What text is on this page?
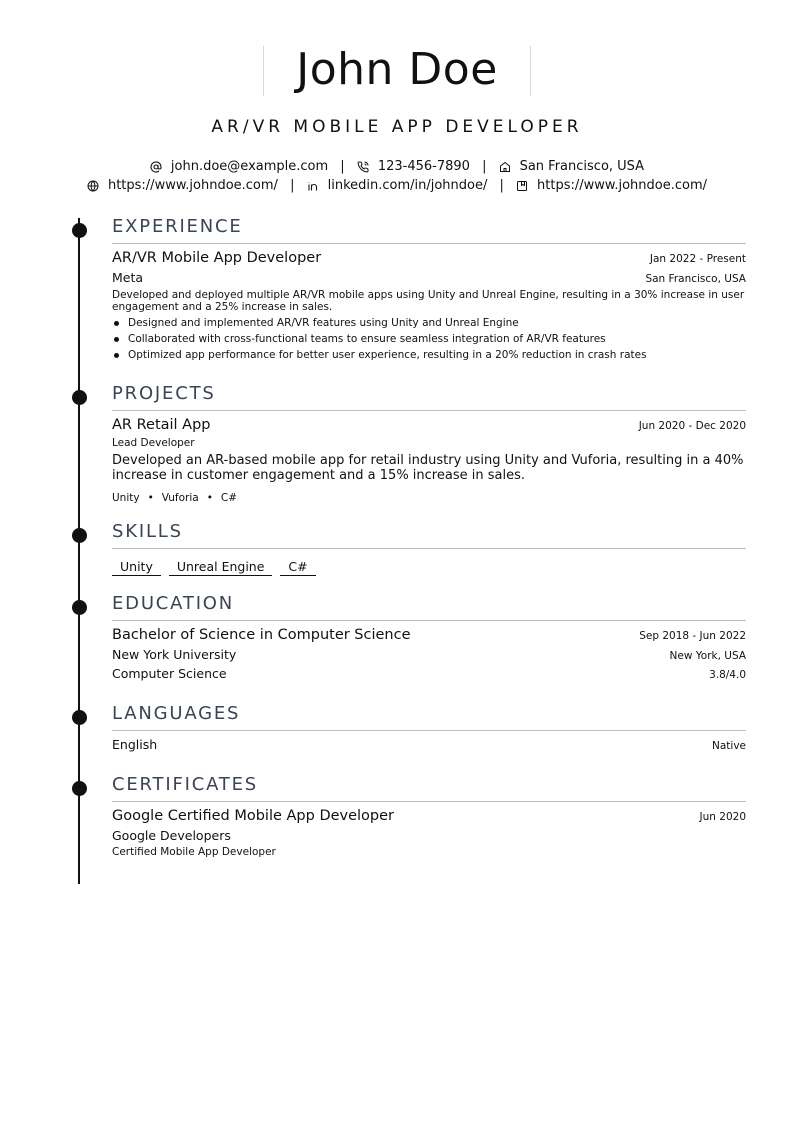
John Doe
AR/VR MOBILE APP DEVELOPER
john.doe@example.com |	123-456-7890 |	San Francisco, USA
https://www.johndoe.com/ |	linkedin.com/in/johndoe/ |	https://www.johndoe.com/
EXPERIENCE
AR/VR Mobile App Developer	Jan 2022 - Present
Meta	San Francisco, USA
Developed and deployed multiple AR/VR mobile apps using Unity and Unreal Engine, resulting in a 30% increase in user engagement and a 25% increase in sales.
Designed and implemented AR/VR features using Unity and Unreal Engine
Collaborated with cross-functional teams to ensure seamless integration of AR/VR features
Optimized app performance for better user experience, resulting in a 20% reduction in crash rates
PROJECTS
AR Retail App	Jun 2020 - Dec 2020
Lead Developer
Developed an AR-based mobile app for retail industry using Unity and Vuforia, resulting in a 40% increase in customer engagement and a 15% increase in sales.
Unity • Vuforia • C#
SKILLS
Unity Unreal Engine C#
EDUCATION
Bachelor of Science in Computer Science	Sep 2018 - Jun 2022
New York University	New York, USA
Computer Science	3.8/4.0
LANGUAGES
English	Native
CERTIFICATES
Google Certified Mobile App Developer	Jun 2020
Google Developers
Certified Mobile App Developer
